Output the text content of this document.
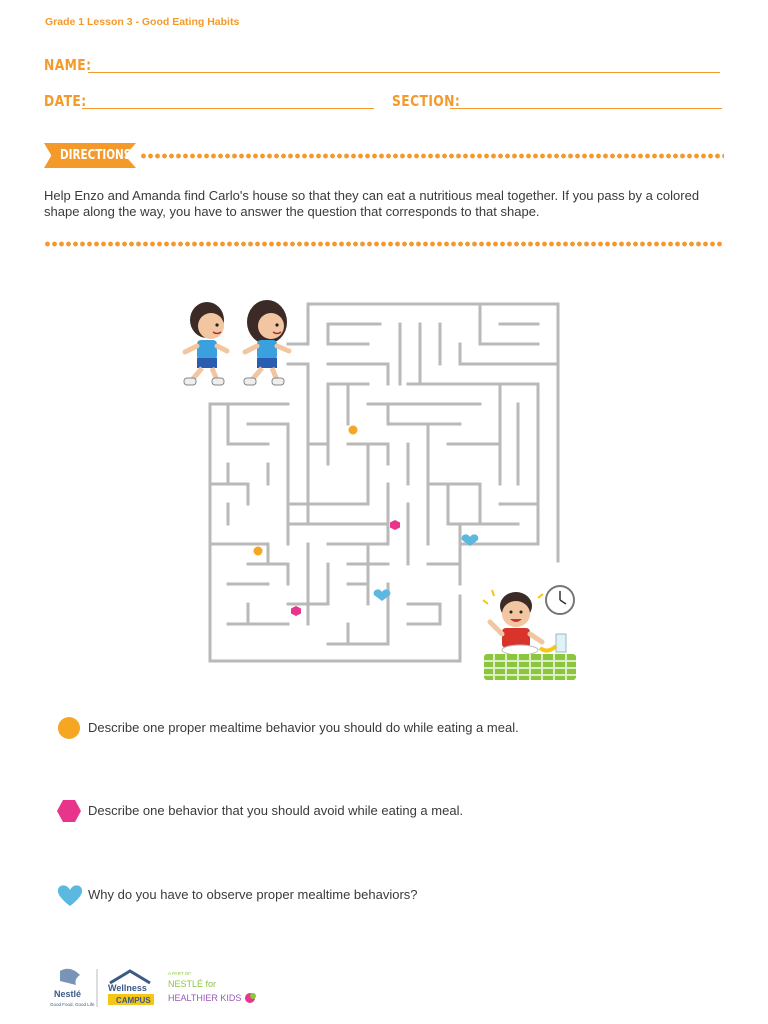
Grade 1 Lesson 3 - Good Eating Habits
NAME:
DATE:	SECTION:
DIRECTIONS
Help Enzo and Amanda find Carlo's house so that they can eat a nutritious meal together. If you pass by a colored shape along the way, you have to answer the question that corresponds to that shape.
Describe one proper mealtime behavior you should do while eating a meal.
Describe one behavior that you should avoid while eating a meal.
Why do you have to observe proper mealtime behaviors?
Nestlé
Good Food, Good Life
Wellness
CAMPUS
A PART OF
NESTLÉ for
HEALTHIER KIDS
